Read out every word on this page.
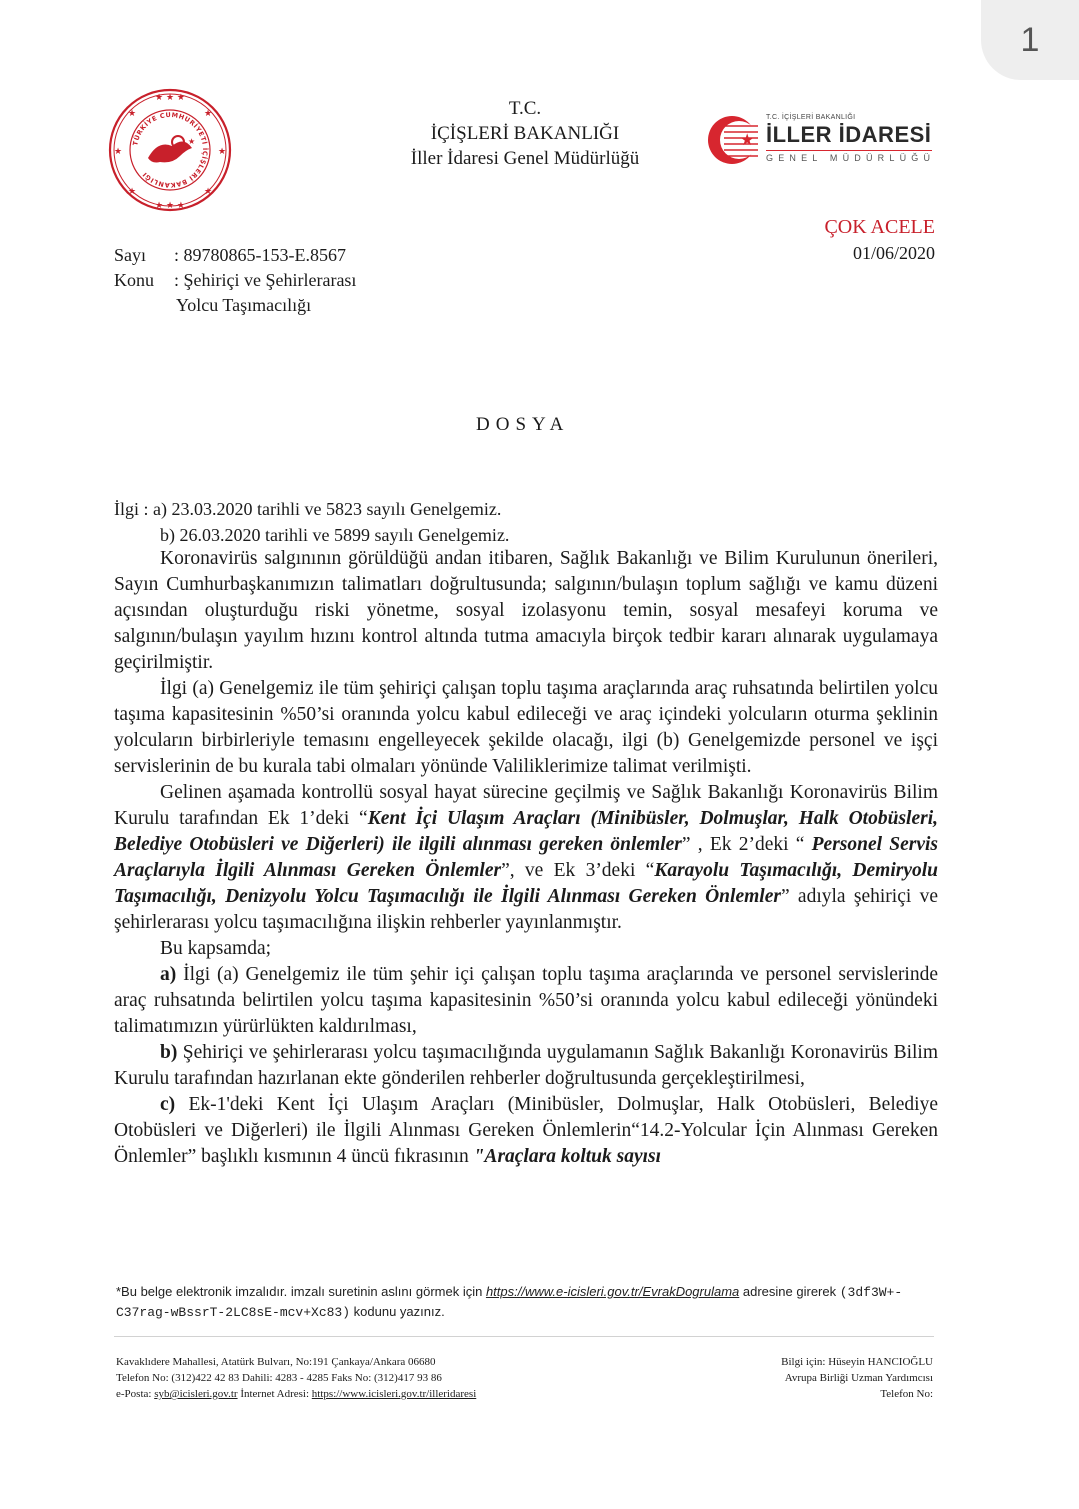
1
★ ★ ★
★ ★ ★
★	★
★	★
★	★
TÜRKİYE CUMHURİYETİ İÇİŞLERİ BAKANLIĞI
★
T.C.
İÇİŞLERİ BAKANLIĞI
İller İdaresi Genel Müdürlüğü
★
T.C. İÇİŞLERİ BAKANLIĞI
İLLER İDARESİ
GENEL MÜDÜRLÜĞÜ
ÇOK ACELE
01/06/2020
Sayı : 89780865-153-E.8567
Konu : Şehiriçi ve Şehirlerarası
Yolcu Taşımacılığı
DOSYA
İlgi : a) 23.03.2020 tarihli ve 5823 sayılı Genelgemiz.
b) 26.03.2020 tarihli ve 5899 sayılı Genelgemiz.

Koronavirüs salgınının görüldüğü andan itibaren, Sağlık Bakanlığı ve Bilim Kurulunun önerileri, Sayın Cumhurbaşkanımızın talimatları doğrultusunda; salgının/bulaşın toplum sağlığı ve kamu düzeni açısından oluşturduğu riski yönetme, sosyal izolasyonu temin, sosyal mesafeyi koruma ve salgının/bulaşın yayılım hızını kontrol altında tutma amacıyla birçok tedbir kararı alınarak uygulamaya geçirilmiştir.

İlgi (a) Genelgemiz ile tüm şehiriçi çalışan toplu taşıma araçlarında araç ruhsatında belirtilen yolcu taşıma kapasitesinin %50’si oranında yolcu kabul edileceği ve araç içindeki yolcuların oturma şeklinin yolcuların birbirleriyle temasını engelleyecek şekilde olacağı, ilgi (b) Genelgemizde personel ve işçi servislerinin de bu kurala tabi olmaları yönünde Valiliklerimize talimat verilmişti.

Gelinen aşamada kontrollü sosyal hayat sürecine geçilmiş ve Sağlık Bakanlığı Koronavirüs Bilim Kurulu tarafından Ek 1’deki “Kent İçi Ulaşım Araçları (Minibüsler, Dolmuşlar, Halk Otobüsleri, Belediye Otobüsleri ve Diğerleri) ile ilgili alınması gereken önlemler” , Ek 2’deki “ Personel Servis Araçlarıyla İlgili Alınması Gereken Önlemler”, ve Ek 3’deki “Karayolu Taşımacılığı, Demiryolu Taşımacılığı, Denizyolu Yolcu Taşımacılığı ile İlgili Alınması Gereken Önlemler” adıyla şehiriçi ve şehirlerarası yolcu taşımacılığına ilişkin rehberler yayınlanmıştır.

Bu kapsamda;

a) İlgi (a) Genelgemiz ile tüm şehir içi çalışan toplu taşıma araçlarında ve personel servislerinde araç ruhsatında belirtilen yolcu taşıma kapasitesinin %50’si oranında yolcu kabul edileceği yönündeki talimatımızın yürürlükten kaldırılması,

b) Şehiriçi ve şehirlerarası yolcu taşımacılığında uygulamanın Sağlık Bakanlığı Koronavirüs Bilim Kurulu tarafından hazırlanan ekte gönderilen rehberler doğrultusunda gerçekleştirilmesi,

c) Ek-1'deki Kent İçi Ulaşım Araçları (Minibüsler, Dolmuşlar, Halk Otobüsleri, Belediye Otobüsleri ve Diğerleri) ile İlgili Alınması Gereken Önlemlerin“14.2-Yolcular İçin Alınması Gereken Önlemler” başlıklı kısmının 4 üncü fıkrasının "Araçlara koltuk sayısı

*Bu belge elektronik imzalıdır. imzalı suretinin aslını görmek için https://www.e-icisleri.gov.tr/EvrakDogrulama adresine girerek (3df3W+-C37rag-wBssrT-2LC8sE-mcv+Xc83) kodunu yazınız.
Kavaklıdere Mahallesi, Atatürk Bulvarı, No:191 Çankaya/Ankara 06680
Telefon No: (312)422 42 83 Dahili: 4283 - 4285 Faks No: (312)417 93 86
e-Posta: syb@icisleri.gov.tr İnternet Adresi: https://www.icisleri.gov.tr/illeridaresi
Bilgi için: Hüseyin HANCIOĞLU
Avrupa Birliği Uzman Yardımcısı
Telefon No:
